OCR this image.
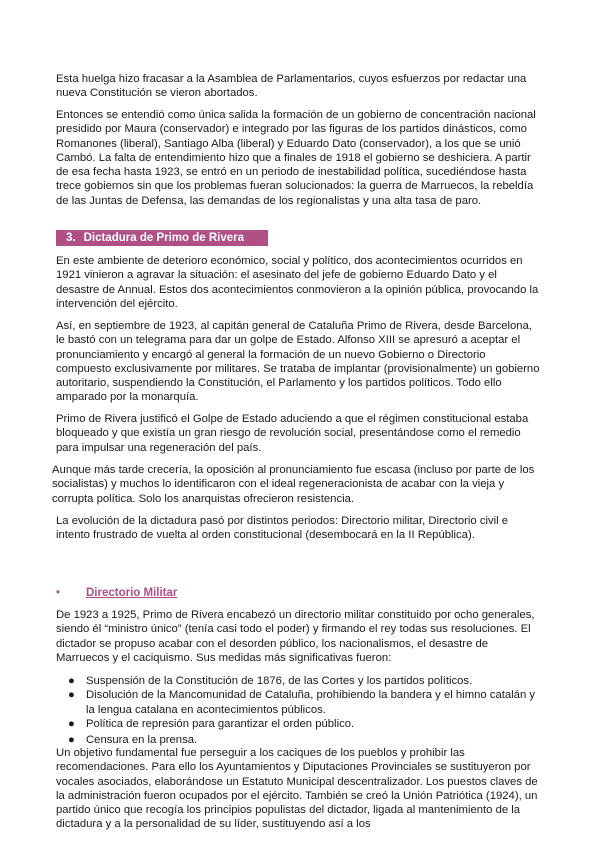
Esta huelga hizo fracasar a la Asamblea de Parlamentarios, cuyos esfuerzos por redactar una nueva Constitución se vieron abortados.

Entonces se entendió como única salida la formación de un gobierno de concentración nacional presidido por Maura (conservador) e integrado por las figuras de los partidos dinásticos, como Romanones (liberal), Santiago Alba (liberal) y Eduardo Dato (conservador), a los que se unió Cambó. La falta de entendimiento hizo que a finales de 1918 el gobierno se deshiciera. A partir de esa fecha hasta 1923, se entró en un periodo de inestabilidad política, sucediéndose hasta trece gobiernos sin que los problemas fueran solucionados: la guerra de Marruecos, la rebeldía de las Juntas de Defensa, las demandas de los regionalistas y una alta tasa de paro.

3. Dictadura de Primo de Rivera

En este ambiente de deterioro económico, social y político, dos acontecimientos ocurridos en 1921 vinieron a agravar la situación: el asesinato del jefe de gobierno Eduardo Dato y el desastre de Annual. Estos dos acontecimientos conmovieron a la opinión pública, provocando la intervención del ejército.

Así, en septiembre de 1923, al capitán general de Cataluña Primo de Rivera, desde Barcelona, le bastó con un telegrama para dar un golpe de Estado. Alfonso XIII se apresuró a aceptar el pronunciamiento y encargó al general la formación de un nuevo Gobierno o Directorio compuesto exclusivamente por militares. Se trataba de implantar (provisionalmente) un gobierno autoritario, suspendiendo la Constitución, el Parlamento y los partidos políticos. Todo ello amparado por la monarquía.

Primo de Rivera justificó el Golpe de Estado aduciendo a que el régimen constitucional estaba bloqueado y que existía un gran riesgo de revolución social, presentándose como el remedio para impulsar una regeneración del país.

Aunque más tarde crecería, la oposición al pronunciamiento fue escasa (incluso por parte de los socialistas) y muchos lo identificaron con el ideal regeneracionista de acabar con la vieja y corrupta política. Solo los anarquistas ofrecieron resistencia.

La evolución de la dictadura pasó por distintos periodos: Directorio militar, Directorio civil e intento frustrado de vuelta al orden constitucional (desembocará en la II República).

• Directorio Militar

De 1923 a 1925, Primo de Rivera encabezó un directorio militar constituido por ocho generales, siendo él “ministro único” (tenía casi todo el poder) y firmando el rey todas sus resoluciones. El dictador se propuso acabar con el desorden público, los nacionalismos, el desastre de Marruecos y el caciquismo. Sus medidas más significativas fueron:

● Suspensión de la Constitución de 1876, de las Cortes y los partidos políticos.
● Disolución de la Mancomunidad de Cataluña, prohibiendo la bandera y el himno catalán y la lengua catalana en acontecimientos públicos.
● Política de represión para garantizar el orden público.
● Censura en la prensa.

Un objetivo fundamental fue perseguir a los caciques de los pueblos y prohibir las recomendaciones. Para ello los Ayuntamientos y Diputaciones Provinciales se sustituyeron por vocales asociados, elaborándose un Estatuto Municipal descentralizador. Los puestos claves de la administración fueron ocupados por el ejército. También se creó la Unión Patriótica (1924), un partido único que recogía los principios populistas del dictador, ligada al mantenimiento de la dictadura y a la personalidad de su líder, sustituyendo así a los
